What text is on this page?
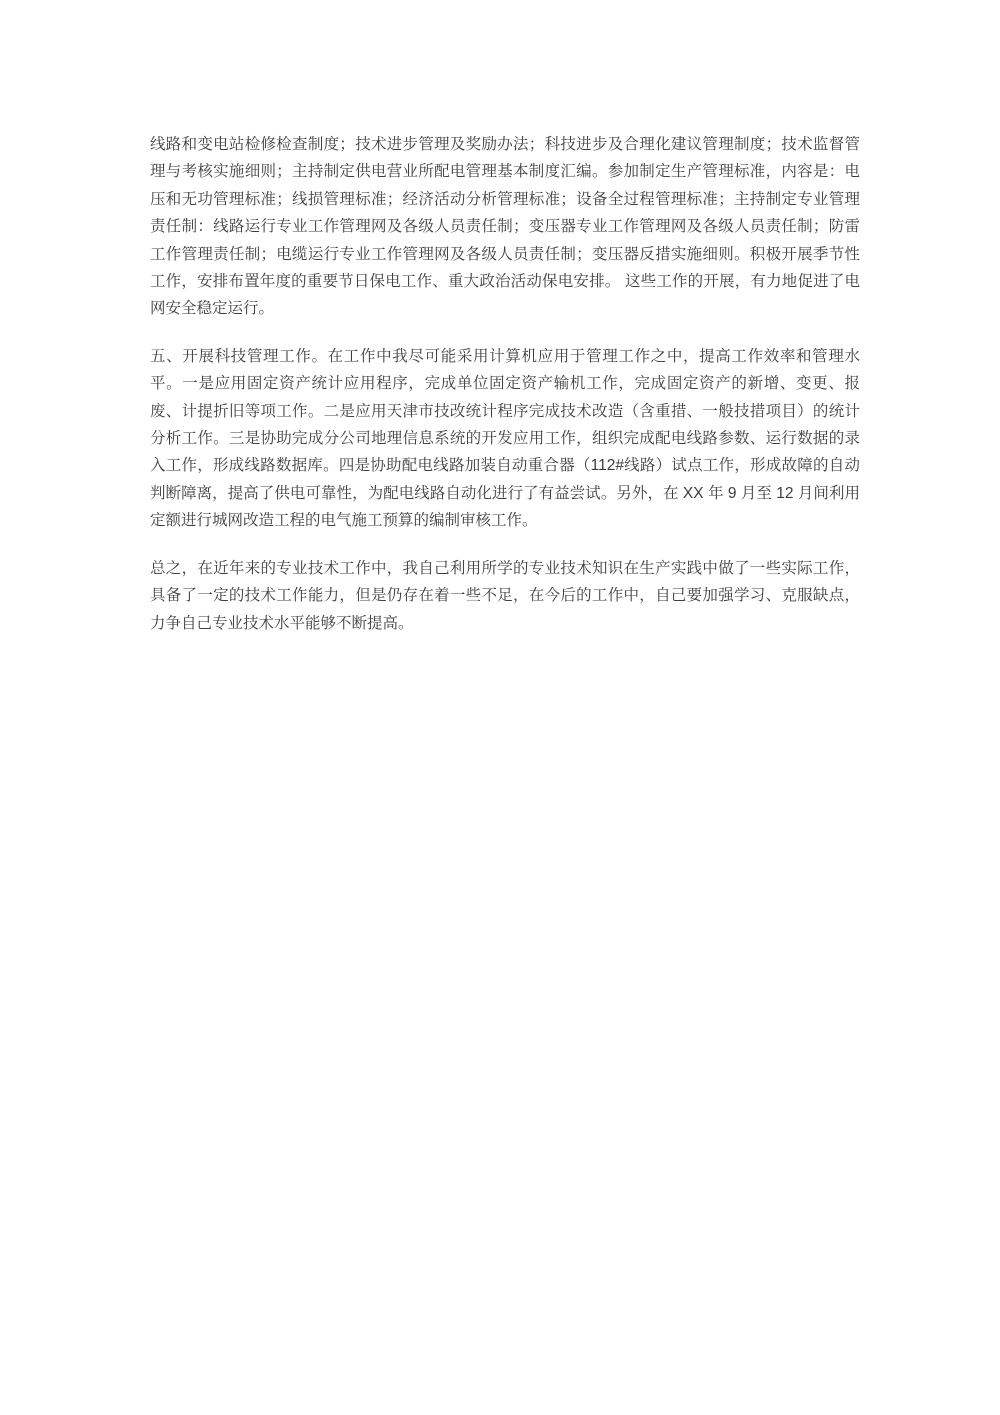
线路和变电站检修检查制度；技术进步管理及奖励办法；科技进步及合理化建议管理制度；技术监督管理与考核实施细则；主持制定供电营业所配电管理基本制度汇编。参加制定生产管理标准，内容是：电压和无功管理标准；线损管理标准；经济活动分析管理标准；设备全过程管理标准；主持制定专业管理责任制：线路运行专业工作管理网及各级人员责任制；变压器专业工作管理网及各级人员责任制；防雷工作管理责任制；电缆运行专业工作管理网及各级人员责任制；变压器反措实施细则。积极开展季节性工作，安排布置年度的重要节日保电工作、重大政治活动保电安排。 这些工作的开展，有力地促进了电网安全稳定运行。

五、开展科技管理工作。在工作中我尽可能采用计算机应用于管理工作之中，提高工作效率和管理水平。一是应用固定资产统计应用程序，完成单位固定资产输机工作，完成固定资产的新增、变更、报废、计提折旧等项工作。二是应用天津市技改统计程序完成技术改造（含重措、一般技措项目）的统计分析工作。三是协助完成分公司地理信息系统的开发应用工作，组织完成配电线路参数、运行数据的录入工作，形成线路数据库。四是协助配电线路加装自动重合器（112#线路）试点工作，形成故障的自动判断障离，提高了供电可靠性，为配电线路自动化进行了有益尝试。另外，在 XX 年 9 月至 12 月间利用定额进行城网改造工程的电气施工预算的编制审核工作。

总之，在近年来的专业技术工作中，我自己利用所学的专业技术知识在生产实践中做了一些实际工作，具备了一定的技术工作能力，但是仍存在着一些不足，在今后的工作中，自己要加强学习、克服缺点，力争自己专业技术水平能够不断提高。
